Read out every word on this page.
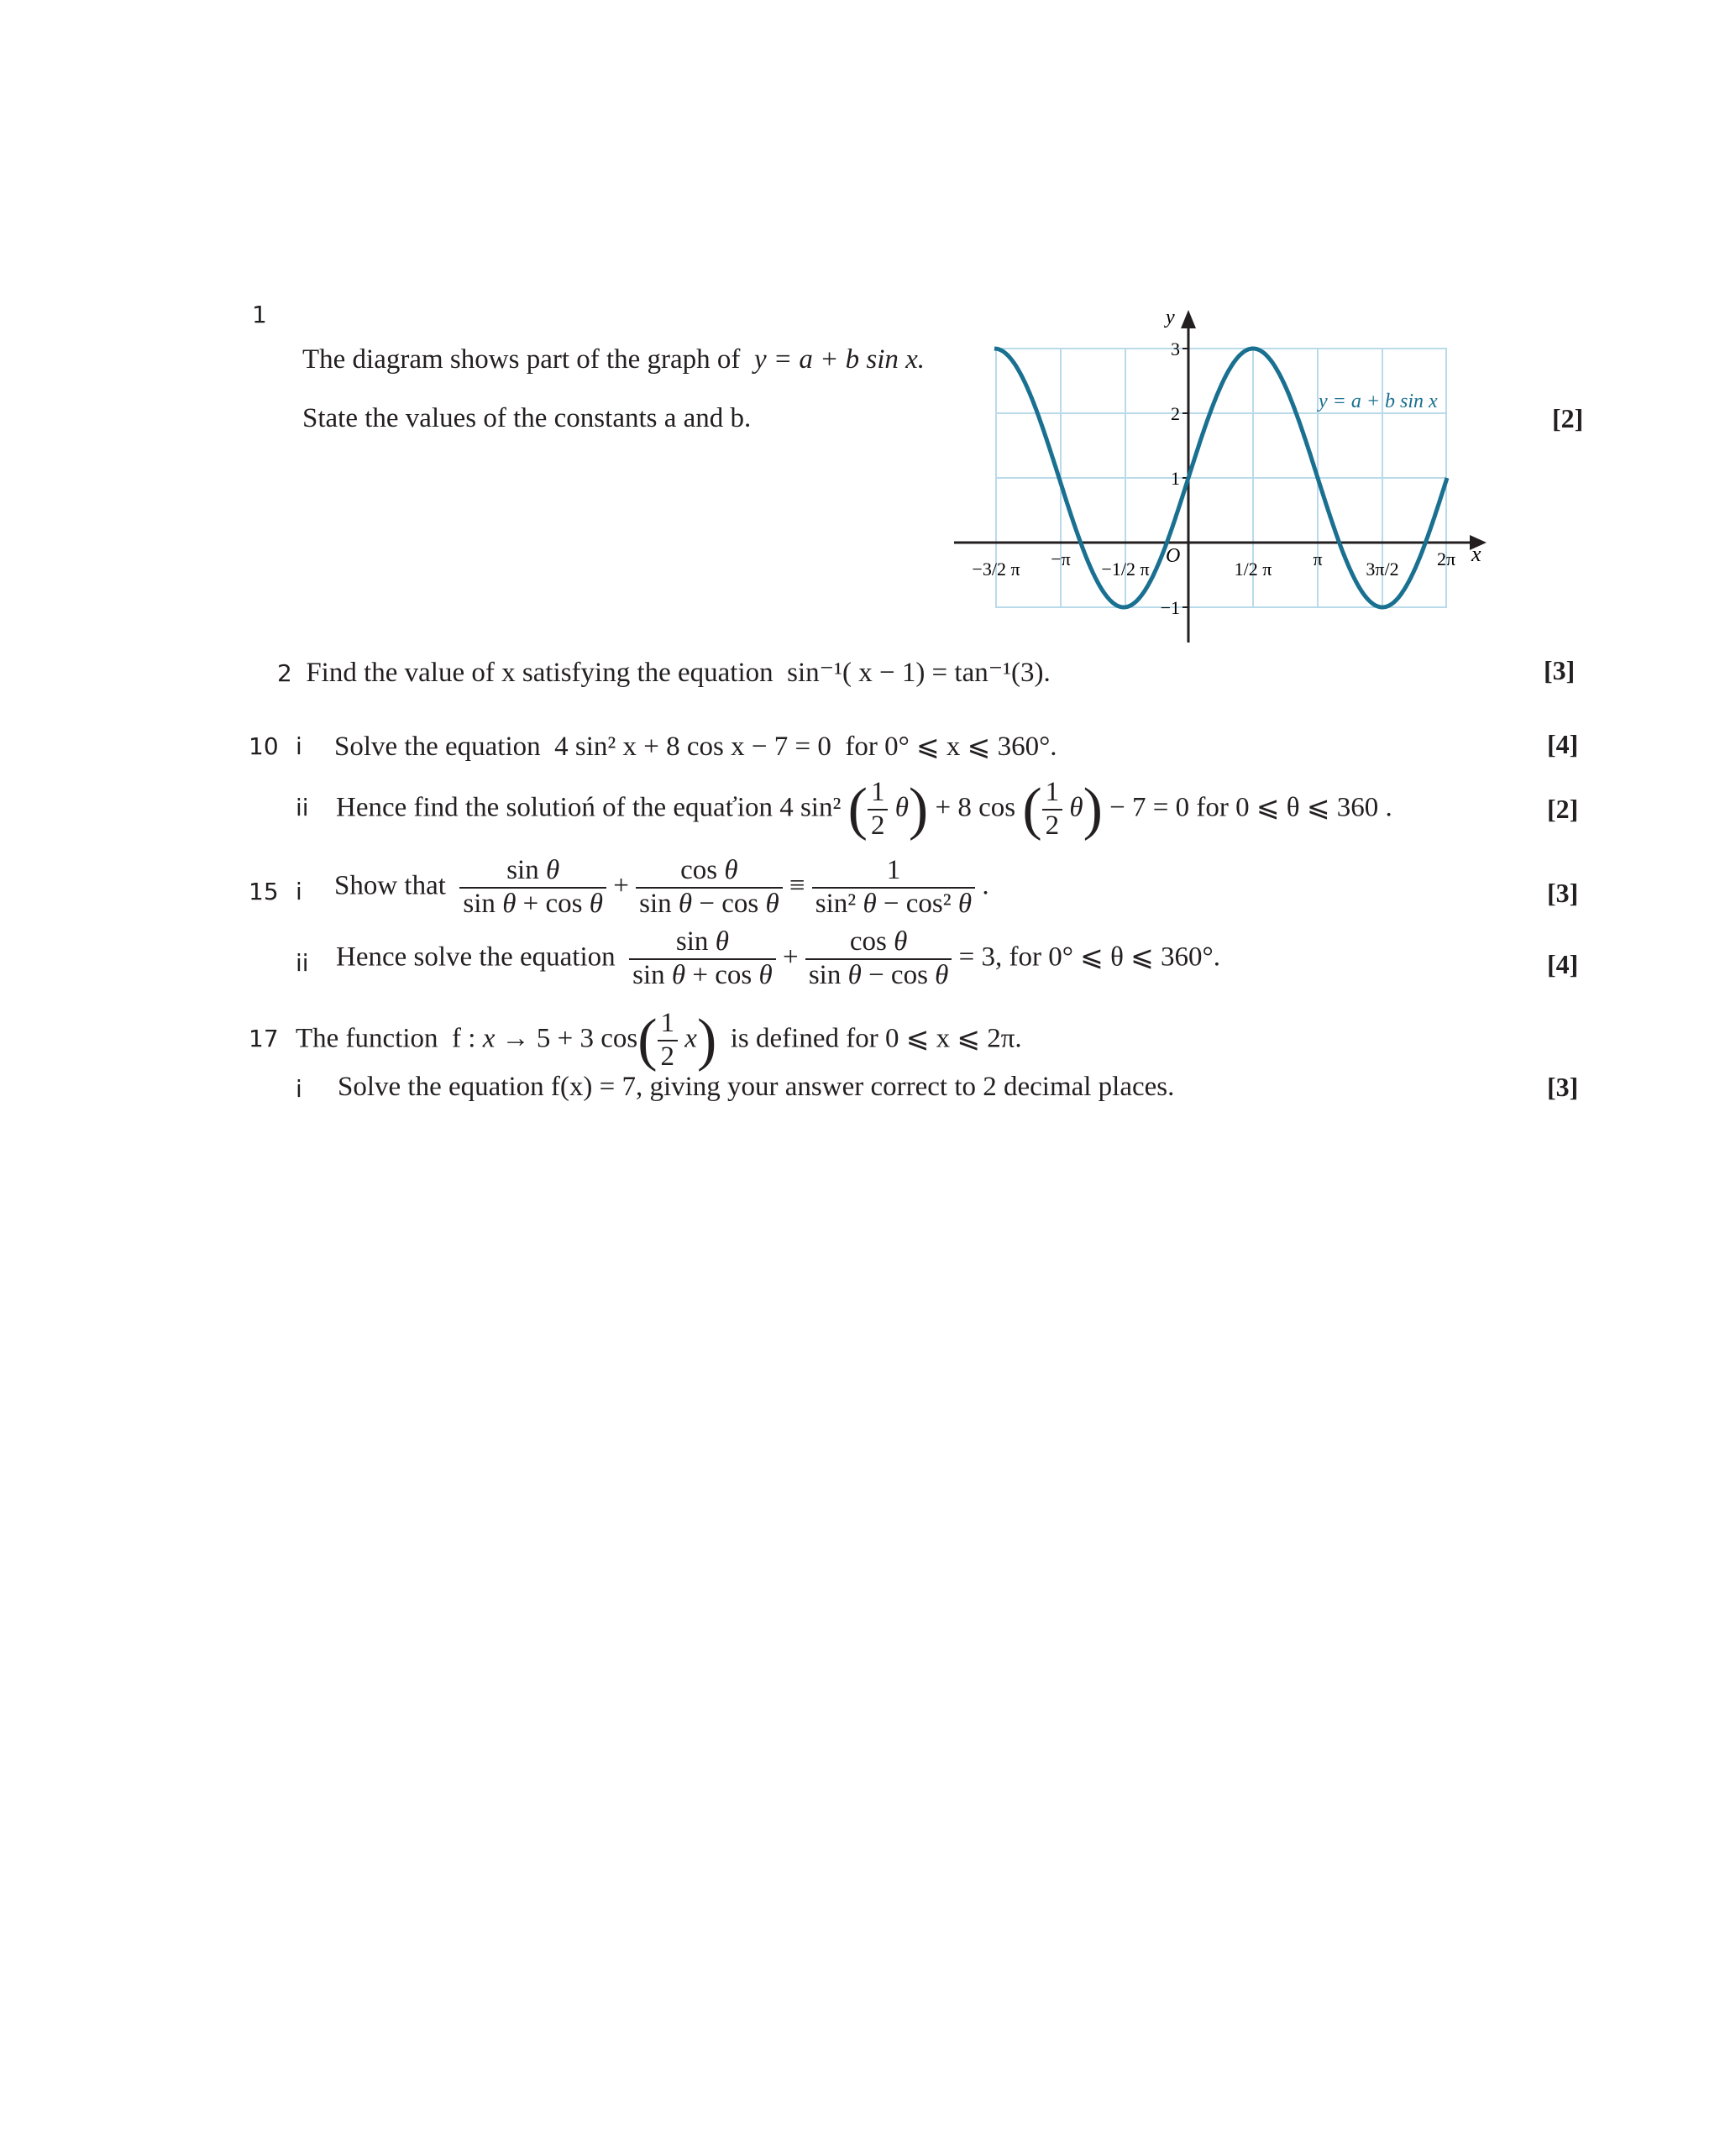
1
The diagram shows part of the graph of y = a + b sin x.
State the values of the constants a and b.	[2]
y
x
O
3
2
1
−1
−3/2 π −π −1/2 π	1/2 π π 3π/2 2π
y = a + b sin x
2 Find the value of x satisfying the equation sin⁻¹( x − 1) = tan⁻¹(3).	[3]
10 i Solve the equation 4 sin² x + 8 cos x − 7 = 0 for 0° ⩽ x ⩽ 360°.	[4]
ii Hence find the solutioń of the equaťion 4 sin² ( $\frac{1}{2} \theta) + 8$ cos ( $\frac{1}{2} \theta) - 7 = 0$ for 0 ⩽ θ ⩽ 360 .	[2]
15 i Show that $\frac{\text{sin θ}}{\text{sin θ + cos θ}} + \frac{\text{cos θ}}{\text{sin θ − cos θ}} \equiv \frac{1}{\text{sin² θ − cos² θ}}$ .	[3]
ii Hence solve the equation $\frac{\text{sin θ}}{\text{sin θ + cos θ}} + \frac{\text{cos θ}}{\text{sin θ − cos θ}} = 3$, for 0° ⩽ θ ⩽ 360°.	[4]
17 The function  f : x → 5 + 3 $\cos( \frac{1}{2} x)$ is defined for 0 ⩽ x ⩽ 2π.
i Solve the equation f(x) = 7, giving your answer correct to 2 decimal places.	[3]
